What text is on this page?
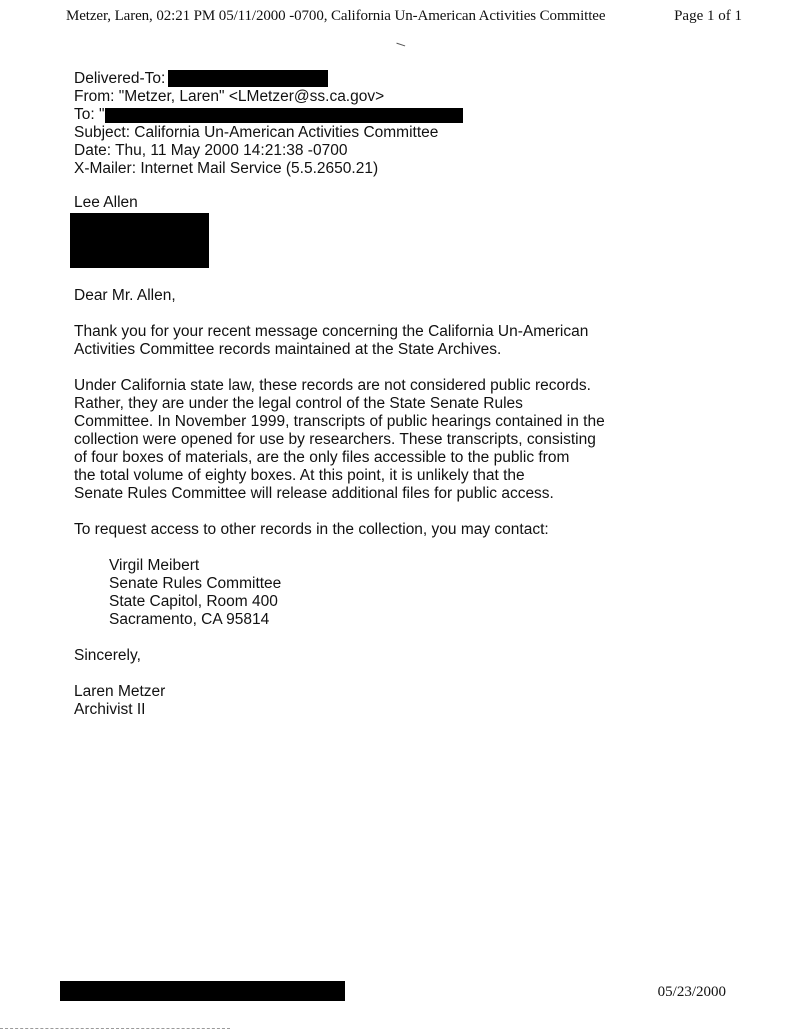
Metzer, Laren, 02:21 PM 05/11/2000 -0700, California Un-American Activities Committee	Page 1 of 1
Delivered-To:
From: "Metzer, Laren" <LMetzer@ss.ca.gov>
To: "
Subject: California Un-American Activities Committee
Date: Thu, 11 May 2000 14:21:38 -0700
X-Mailer: Internet Mail Service (5.5.2650.21)
Lee Allen
Dear Mr. Allen,

Thank you for your recent message concerning the California Un-American

Activities Committee records maintained at the State Archives.

Under California state law, these records are not considered public records.

Rather, they are under the legal control of the State Senate Rules

Committee. In November 1999, transcripts of public hearings contained in the

collection were opened for use by researchers. These transcripts, consisting

of four boxes of materials, are the only files accessible to the public from

the total volume of eighty boxes. At this point, it is unlikely that the

Senate Rules Committee will release additional files for public access.

To request access to other records in the collection, you may contact:

Virgil Meibert
Senate Rules Committee
State Capitol, Room 400
Sacramento, CA 95814
Sincerely,
Laren Metzer
Archivist II
05/23/2000
